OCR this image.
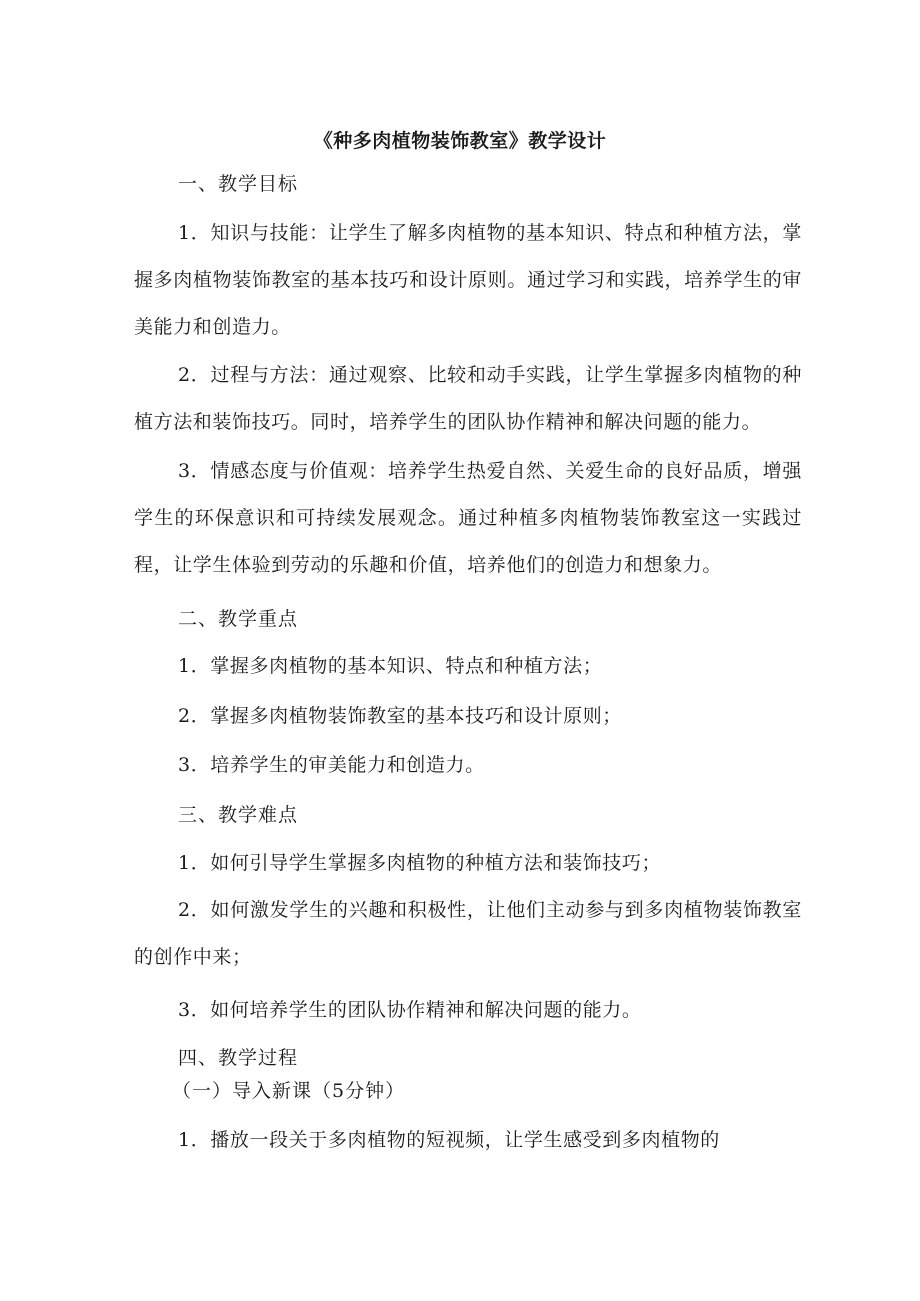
《种多肉植物装饰教室》教学设计
一、教学目标
1．知识与技能：让学生了解多肉植物的基本知识、特点和种植方法，掌握多肉植物装饰教室的基本技巧和设计原则。通过学习和实践，培养学生的审美能力和创造力。
2．过程与方法：通过观察、比较和动手实践，让学生掌握多肉植物的种植方法和装饰技巧。同时，培养学生的团队协作精神和解决问题的能力。
3．情感态度与价值观：培养学生热爱自然、关爱生命的良好品质，增强学生的环保意识和可持续发展观念。通过种植多肉植物装饰教室这一实践过程，让学生体验到劳动的乐趣和价值，培养他们的创造力和想象力。
二、教学重点
1．掌握多肉植物的基本知识、特点和种植方法；
2．掌握多肉植物装饰教室的基本技巧和设计原则；
3．培养学生的审美能力和创造力。
三、教学难点
1．如何引导学生掌握多肉植物的种植方法和装饰技巧；
2．如何激发学生的兴趣和积极性，让他们主动参与到多肉植物装饰教室的创作中来；
3．如何培养学生的团队协作精神和解决问题的能力。
四、教学过程
（一）导入新课（5分钟）
1．播放一段关于多肉植物的短视频，让学生感受到多肉植物的
